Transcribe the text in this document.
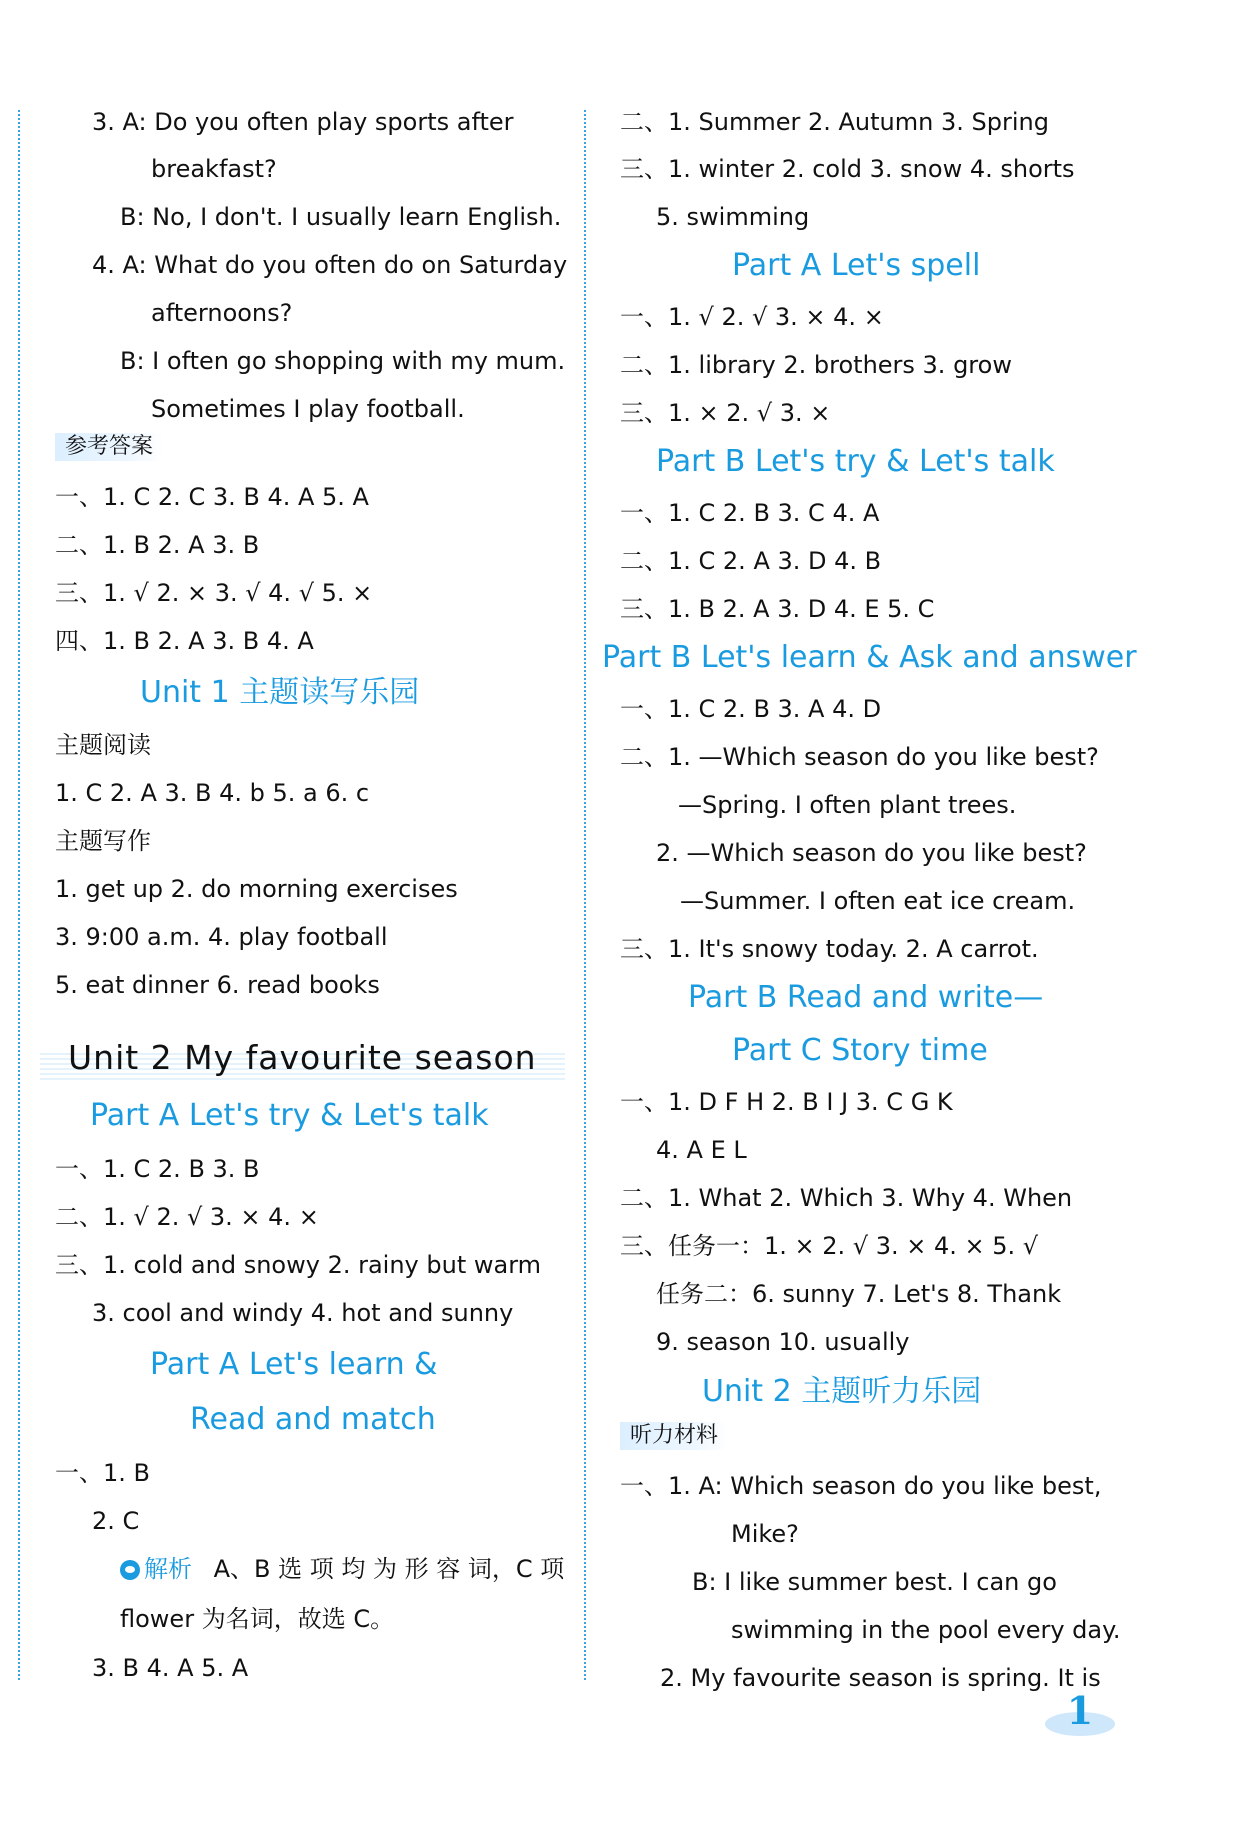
3. A: Do you often play sports after
breakfast?
B: No, I don't. I usually learn English.
4. A: What do you often do on Saturday
afternoons?
B: I often go shopping with my mum.
Sometimes I play football.
参考答案
一、1. C 2. C 3. B 4. A 5. A
二、1. B 2. A 3. B
三、1. √ 2. × 3. √ 4. √ 5. ×
四、1. B 2. A 3. B 4. A
Unit 1 主题读写乐园
主题阅读
1. C 2. A 3. B 4. b 5. a 6. c
主题写作
1. get up 2. do morning exercises
3. 9:00 a.m. 4. play football
5. eat dinner 6. read books
Unit 2 My favourite season
Part A Let's try & Let's talk
一、1. C 2. B 3. B
二、1. √ 2. √ 3. × 4. ×
三、1. cold and snowy 2. rainy but warm
3. cool and windy 4. hot and sunny
Part A Let's learn &
Read and match
一、1. B
2. C
解析 A、B 选 项 均 为 形 容 词，C 项
flower 为名词，故选 C。
3. B 4. A 5. A
二、1. Summer 2. Autumn 3. Spring
三、1. winter 2. cold 3. snow 4. shorts
5. swimming
Part A Let's spell
一、1. √ 2. √ 3. × 4. ×
二、1. library 2. brothers 3. grow
三、1. × 2. √ 3. ×
Part B Let's try & Let's talk
一、1. C 2. B 3. C 4. A
二、1. C 2. A 3. D 4. B
三、1. B 2. A 3. D 4. E 5. C
Part B Let's learn & Ask and answer
一、1. C 2. B 3. A 4. D
二、1. —Which season do you like best?
—Spring. I often plant trees.
2. —Which season do you like best?
—Summer. I often eat ice cream.
三、1. It's snowy today. 2. A carrot.
Part B Read and write—
Part C Story time
一、1. D F H 2. B I J 3. C G K
4. A E L
二、1. What 2. Which 3. Why 4. When
三、任务一：1. × 2. √ 3. × 4. × 5. √
任务二：6. sunny 7. Let's 8. Thank
9. season 10. usually
Unit 2 主题听力乐园
听力材料
一、1. A: Which season do you like best,
Mike?
B: I like summer best. I can go
swimming in the pool every day.
2. My favourite season is spring. It is
1
